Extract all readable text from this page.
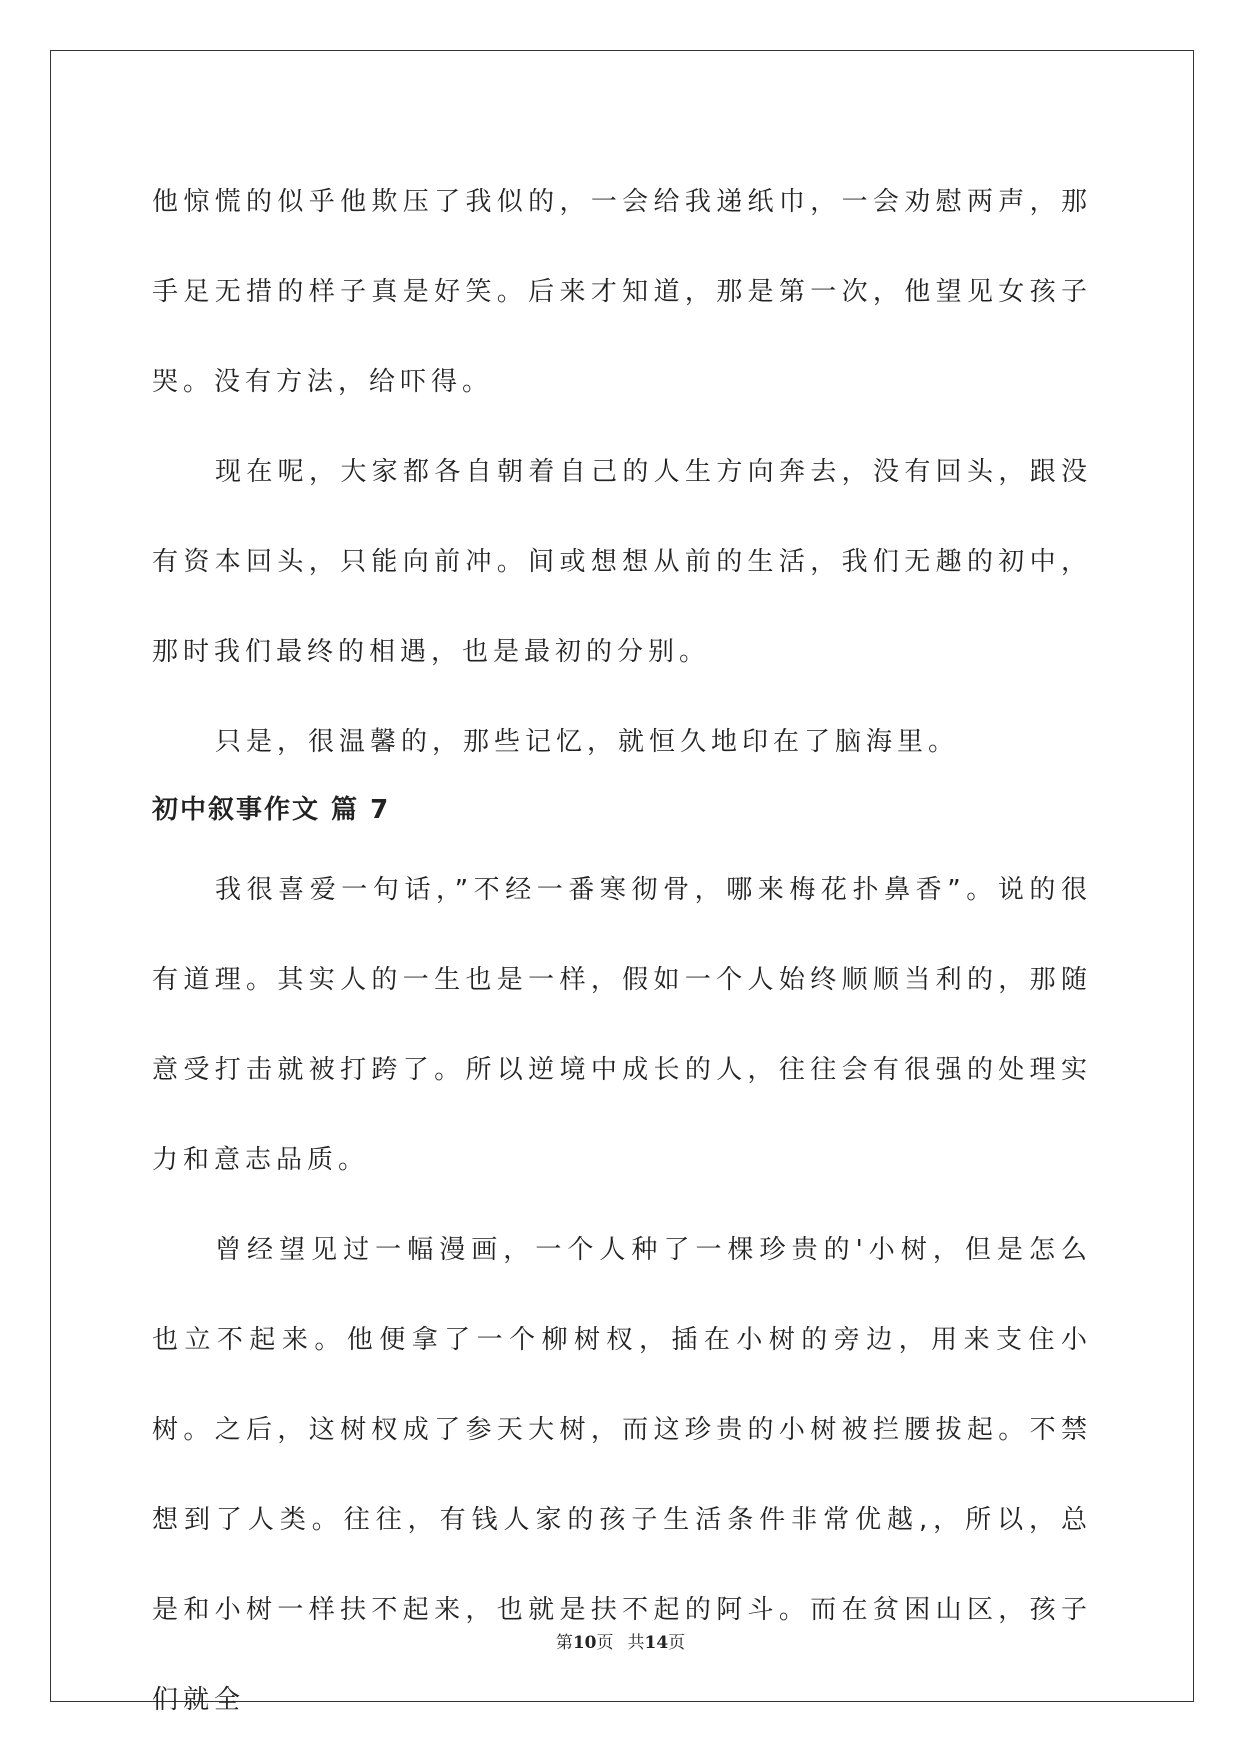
他惊慌的似乎他欺压了我似的，一会给我递纸巾，一会劝慰两声，那手足无措的样子真是好笑。后来才知道，那是第一次，他望见女孩子哭。没有方法，给吓得。

现在呢，大家都各自朝着自己的人生方向奔去，没有回头，跟没有资本回头，只能向前冲。间或想想从前的生活，我们无趣的初中，那时我们最终的相遇，也是最初的分别。

只是，很温馨的，那些记忆，就恒久地印在了脑海里。

初中叙事作文 篇 7

我很喜爱一句话，”不经一番寒彻骨，哪来梅花扑鼻香”。说的很有道理。其实人的一生也是一样，假如一个人始终顺顺当利的，那随意受打击就被打跨了。所以逆境中成长的人，往往会有很强的处理实力和意志品质。

曾经望见过一幅漫画，一个人种了一棵珍贵的'小树，但是怎么也立不起来。他便拿了一个柳树杈，插在小树的旁边，用来支住小树。之后，这树杈成了参天大树，而这珍贵的小树被拦腰拔起。不禁想到了人类。往往，有钱人家的孩子生活条件非常优越,，所以，总是和小树一样扶不起来，也就是扶不起的阿斗。而在贫困山区，孩子们就全

第10页 共14页
